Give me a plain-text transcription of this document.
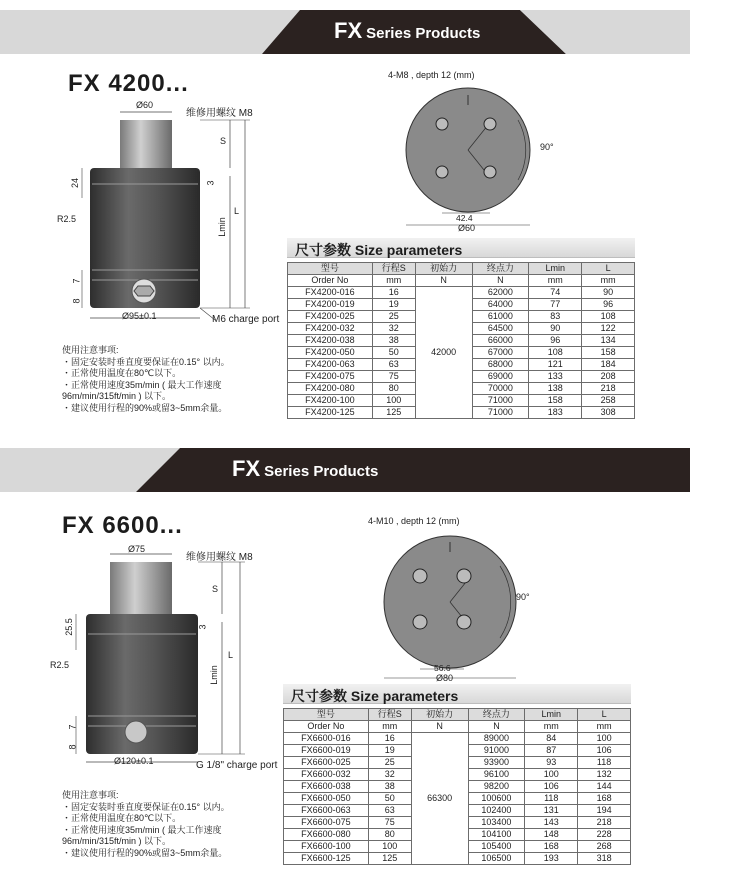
FX Series Products
FX 4200...
Ø60
维修用螺纹 M8
S
L
Lmin
24	3
R2.5
7
8
Ø95±0.1	M6 charge port
4-M8 , depth 12 (mm)
90°
42.4
Ø60
使用注意事项:
・固定安装时垂直度要保证在0.15° 以内。
・正常使用温度在80℃以下。
・正常使用速度35m/min ( 最大工作速度
96m/min/315ft/min ) 以下。
・建议使用行程的90%或留3~5mm余量。
尺寸参数 Size parameters
型号	行程S	初始力	终点力	Lmin	L
Order No	mm	N	N	mm	mm
FX4200-016	16	42000	62000	74	90
FX4200-019	19		64000	77	96
FX4200-025	25		61000	83	108
FX4200-032	32		64500	90	122
FX4200-038	38		66000	96	134
FX4200-050	50		67000	108	158
FX4200-063	63		68000	121	184
FX4200-075	75		69000	133	208
FX4200-080	80		70000	138	218
FX4200-100	100		71000	158	258
FX4200-125	125		71000	183	308
FX Series Products
FX 6600...
Ø75
维修用螺纹 M8
S
L
Lmin
25.5	3
R2.5
7
8
Ø120±0.1	G 1/8" charge port
4-M10 , depth 12 (mm)
90°
56.6
Ø80
使用注意事项:
・固定安装时垂直度要保证在0.15° 以内。
・正常使用温度在80℃以下。
・正常使用速度35m/min ( 最大工作速度
96m/min/315ft/min ) 以下。
・建议使用行程的90%或留3~5mm余量。
尺寸参数 Size parameters
型号	行程S	初始力	终点力	Lmin	L
Order No	mm	N	N	mm	mm
FX6600-016	16	66300	89000	84	100
FX6600-019	19		91000	87	106
FX6600-025	25		93900	93	118
FX6600-032	32		96100	100	132
FX6600-038	38		98200	106	144
FX6600-050	50		100600	118	168
FX6600-063	63		102400	131	194
FX6600-075	75		103400	143	218
FX6600-080	80		104100	148	228
FX6600-100	100		105400	168	268
FX6600-125	125		106500	193	318
